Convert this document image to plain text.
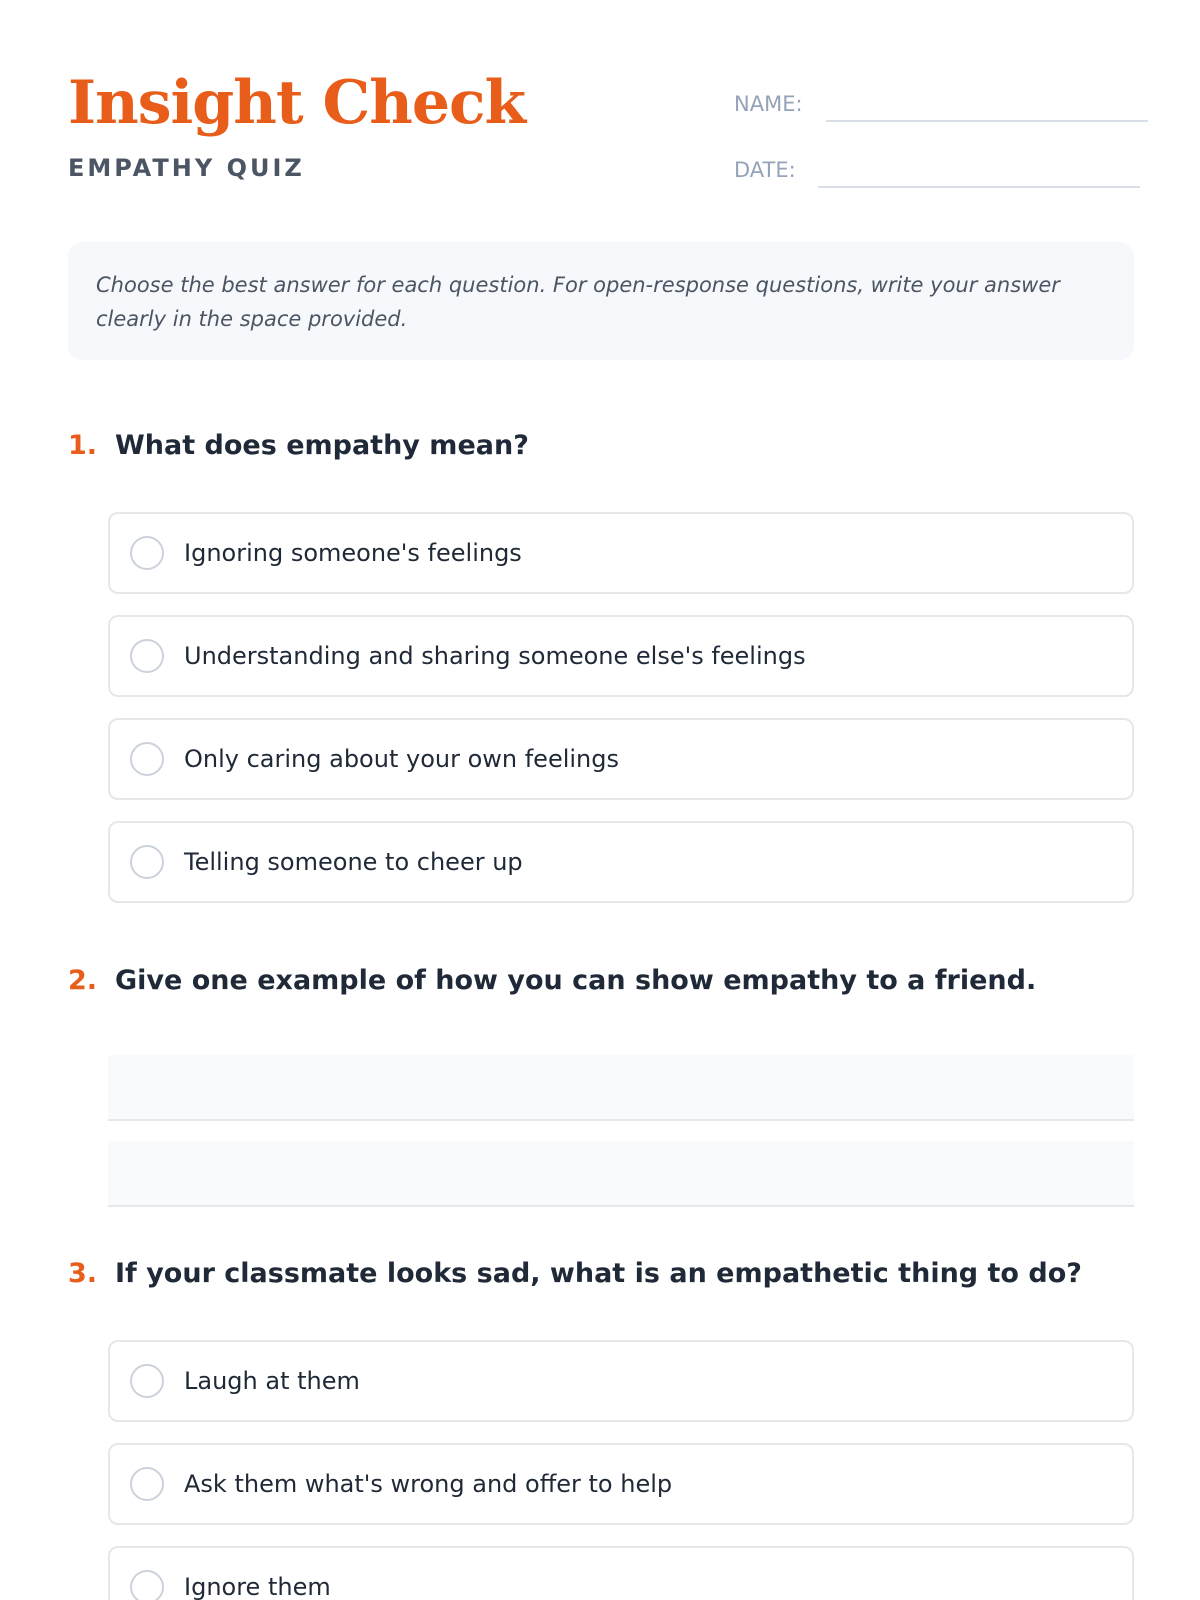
Insight Check
EMPATHY QUIZ
NAME:
DATE:

Choose the best answer for each question. For open-response questions, write your answer clearly in the space provided.

1. What does empathy mean?
Ignoring someone's feelings
Understanding and sharing someone else's feelings
Only caring about your own feelings
Telling someone to cheer up
2. Give one example of how you can show empathy to a friend.
3. If your classmate looks sad, what is an empathetic thing to do?
Laugh at them
Ask them what's wrong and offer to help
Ignore them
